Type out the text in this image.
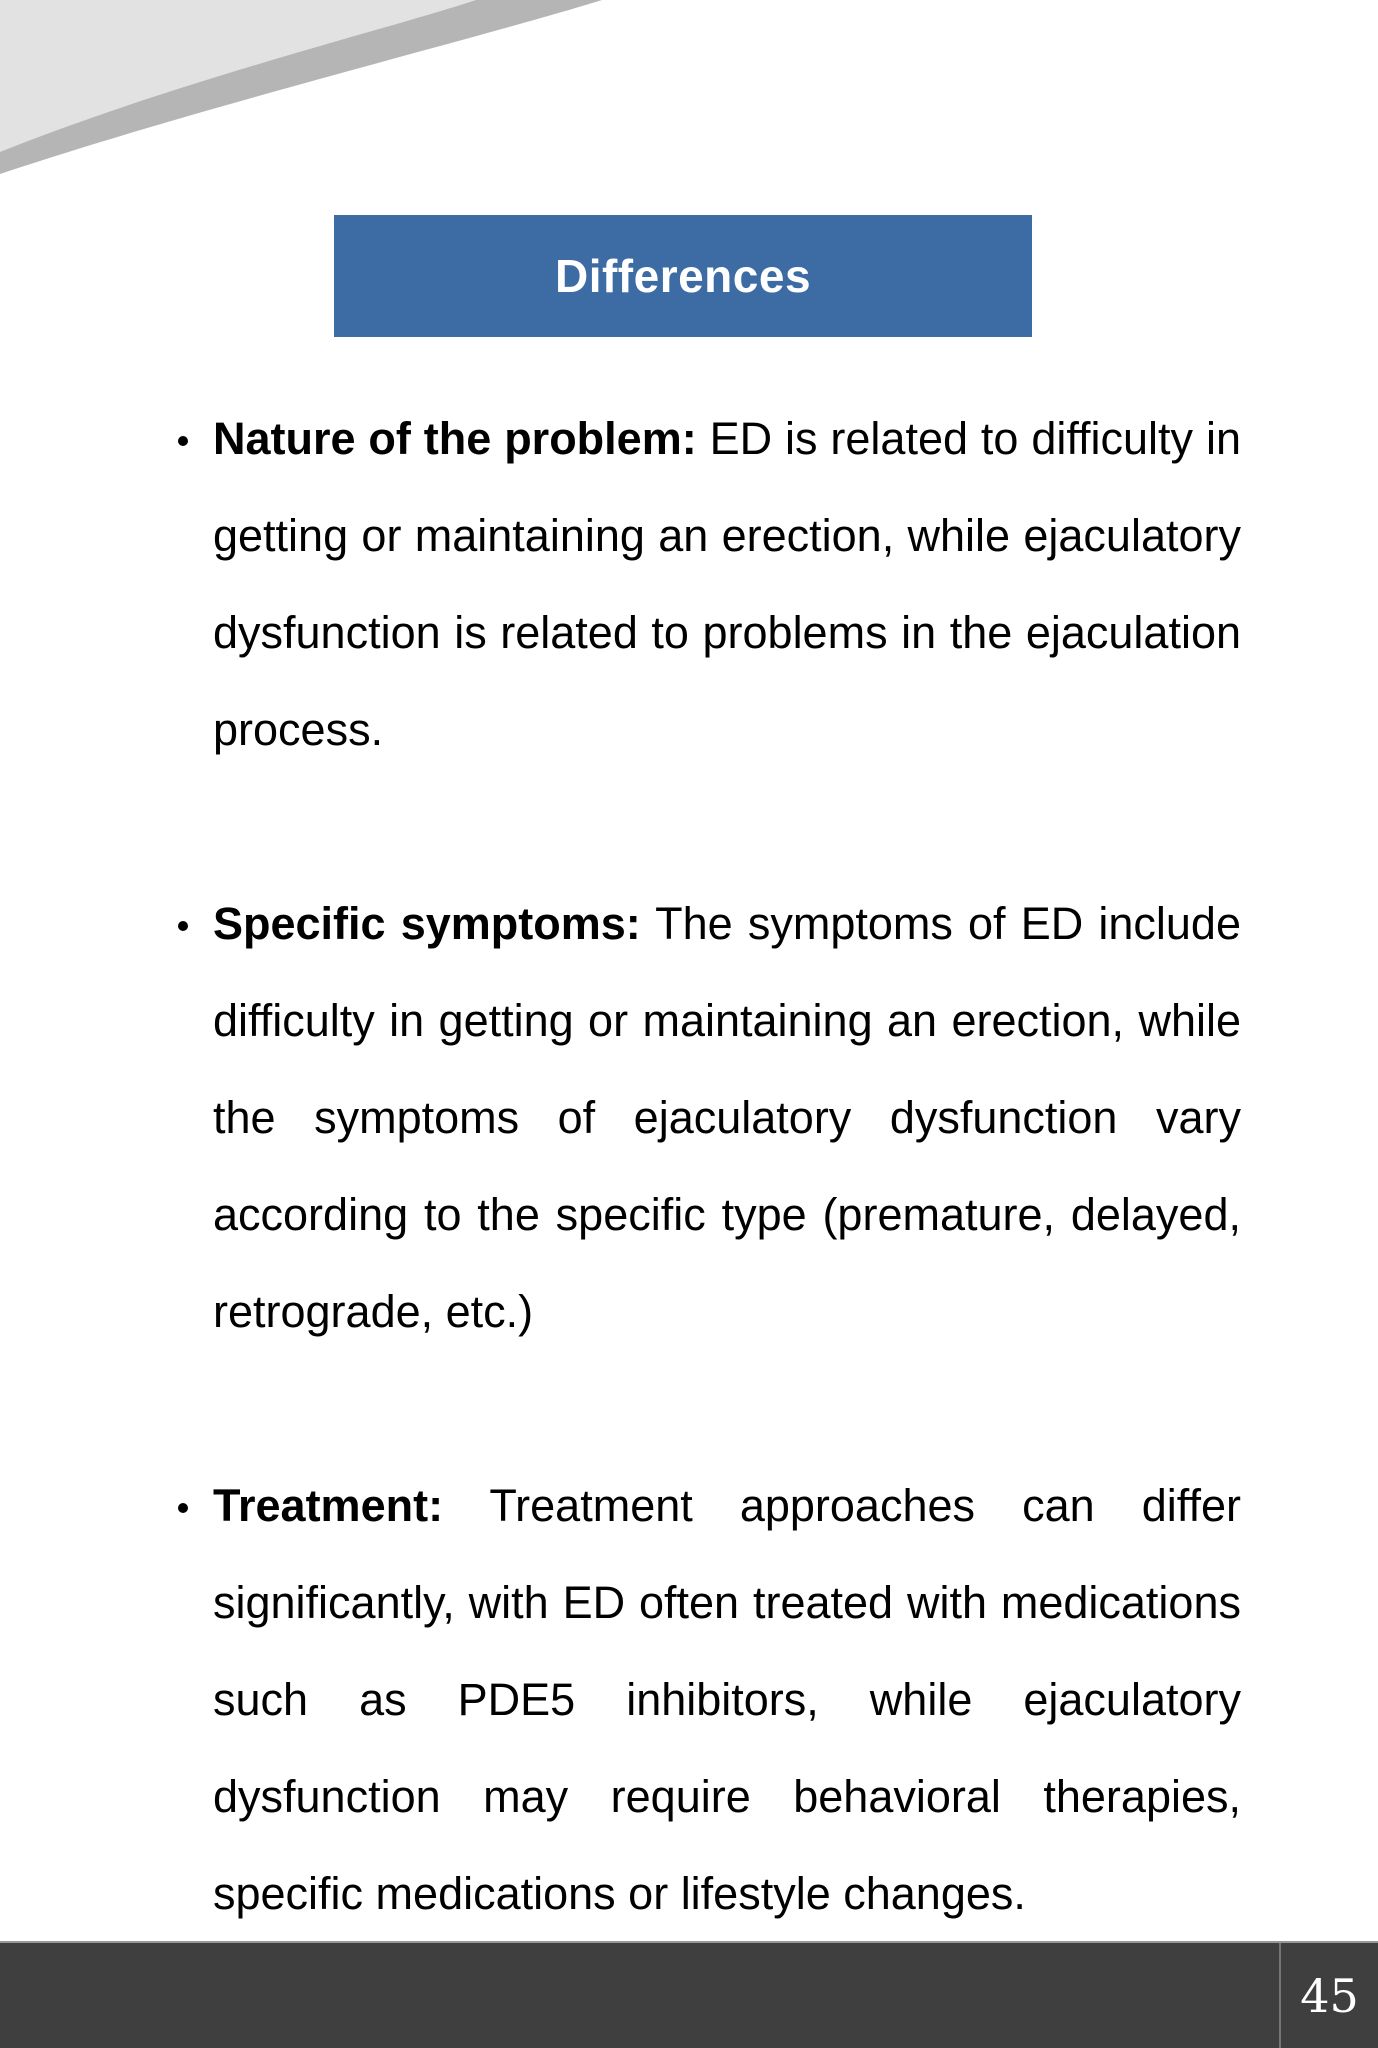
Differences
Nature of the problem: ED is related to difficulty in getting or maintaining an erection, while ejaculatory dysfunction is related to problems in the ejaculation process.
Specific symptoms: The symptoms of ED include difficulty in getting or maintaining an erection, while the symptoms of ejaculatory dysfunction vary according to the specific type (premature, delayed, retrograde, etc.)
Treatment: Treatment approaches can differ significantly, with ED often treated with medications such as PDE5 inhibitors, while ejaculatory dysfunction may require behavioral therapies, specific medications or lifestyle changes.
45
